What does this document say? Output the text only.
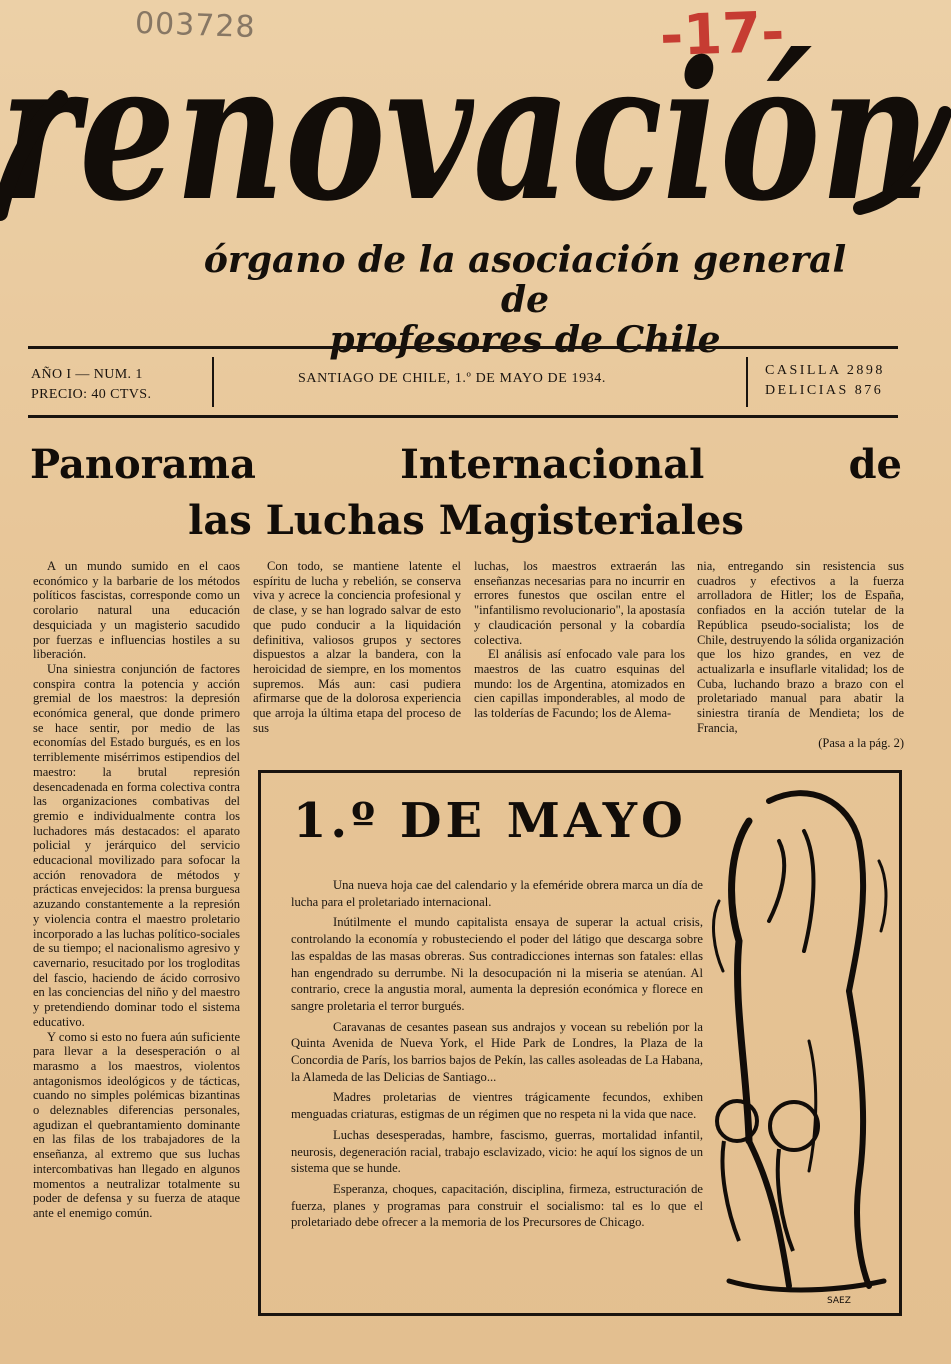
003728	-17-
renovación
órgano de la asociación general de
profesores de Chile
AÑO I — NUM. 1
PRECIO: 40 CTVS.
SANTIAGO DE CHILE, 1.º DE MAYO DE 1934.
CASILLA 2898
DELICIAS 876
Panorama	Internacional	de
las Luchas Magisteriales

A un mundo sumido en el caos económico y la barbarie de los métodos políticos fascistas, corresponde como un corolario natural una educación desquiciada y un magisterio sacudido por fuerzas e influencias hostiles a su liberación.

Una siniestra conjunción de factores conspira contra la potencia y acción gremial de los maestros: la depresión económica general, que donde primero se hace sentir, por medio de las economías del Estado burgués, es en los terriblemente misérrimos estipendios del maestro: la brutal represión desencadenada en forma colectiva contra las organizaciones combativas del gremio e individualmente contra los luchadores más destacados: el aparato policial y jerárquico del servicio educacional movilizado para sofocar la acción renovadora de métodos y prácticas envejecidos: la prensa burguesa azuzando constantemente a la represión y violencia contra el maestro proletario incorporado a las luchas político-sociales de su tiempo; el nacionalismo agresivo y cavernario, resucitado por los trogloditas del fascio, haciendo de ácido corrosivo en las conciencias del niño y del maestro y pretendiendo dominar todo el sistema educativo.

Y como si esto no fuera aún suficiente para llevar a la desesperación o al marasmo a los maestros, violentos antagonismos ideológicos y de tácticas, cuando no simples polémicas bizantinas o deleznables diferencias personales, agudizan el quebrantamiento dominante en las filas de los trabajadores de la enseñanza, al extremo que sus luchas intercombativas han llegado en algunos momentos a neutralizar totalmente su poder de defensa y su fuerza de ataque ante el enemigo común.

Con todo, se mantiene latente el espíritu de lucha y rebelión, se conserva viva y acrece la conciencia profesional y de clase, y se han logrado salvar de esto que pudo conducir a la liquidación definitiva, valiosos grupos y sectores dispuestos a alzar la bandera, con la heroicidad de siempre, en los momentos supremos. Más aun: casi pudiera afirmarse que de la dolorosa experiencia que arroja la última etapa del proceso de sus

luchas, los maestros extraerán las enseñanzas necesarias para no incurrir en errores funestos que oscilan entre el "infantilismo revolucionario", la apostasía y claudicación personal y la cobardía colectiva.

El análisis así enfocado vale para los maestros de las cuatro esquinas del mundo: los de Argentina, atomizados en cien capillas imponderables, al modo de las tolderías de Facundo; los de Alema-

nia, entregando sin resistencia sus cuadros y efectivos a la fuerza arrolladora de Hitler; los de España, confiados en la acción tutelar de la República pseudo-socialista; los de Chile, destruyendo la sólida organización que los hizo grandes, en vez de actualizarla e insuflarle vitalidad; los de Cuba, luchando brazo a brazo con el proletariado manual para abatir la siniestra tiranía de Mendieta; los de Francia,

(Pasa a la pág. 2)
1.º DE MAYO

Una nueva hoja cae del calendario y la efeméride obrera marca un día de lucha para el proletariado internacional.

Inútilmente el mundo capitalista ensaya de superar la actual crisis, controlando la economía y robusteciendo el poder del látigo que descarga sobre las espaldas de las masas obreras. Sus contradicciones internas son fatales: ellas han engendrado su derrumbe. Ni la desocupación ni la miseria se atenúan. Al contrario, crece la angustia moral, aumenta la depresión económica y florece en sangre proletaria el terror burgués.

Caravanas de cesantes pasean sus andrajos y vocean su rebelión por la Quinta Avenida de Nueva York, el Hide Park de Londres, la Plaza de la Concordia de París, los barrios bajos de Pekín, las calles asoleadas de La Habana, la Alameda de las Delicias de Santiago...

Madres proletarias de vientres trágicamente fecundos, exhiben menguadas criaturas, estigmas de un régimen que no respeta ni la vida que nace.

Luchas desesperadas, hambre, fascismo, guerras, mortalidad infantil, neurosis, degeneración racial, trabajo esclavizado, vicio: he aquí los signos de un sistema que se hunde.

Esperanza, choques, capacitación, disciplina, firmeza, estructuración de fuerza, planes y programas para construir el socialismo: tal es lo que el proletariado debe ofrecer a la memoria de los Precursores de Chicago.

SAEZ
